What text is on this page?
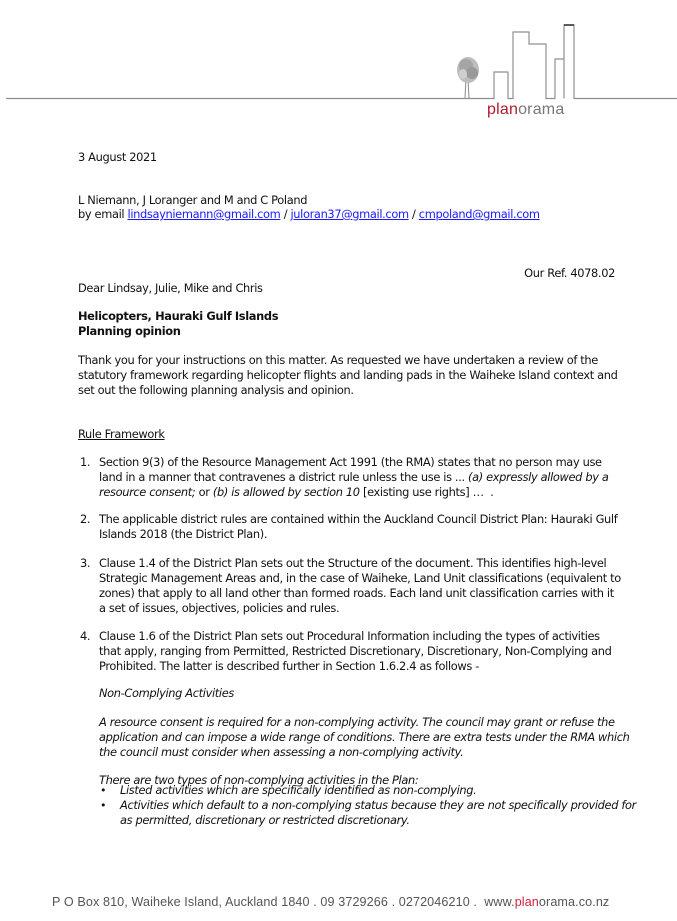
planorama
3 August 2021
L Niemann, J Loranger and M and C Poland
by email lindsayniemann@gmail.com / juloran37@gmail.com / cmpoland@gmail.com
Our Ref. 4078.02
Dear Lindsay, Julie, Mike and Chris
Helicopters, Hauraki Gulf Islands
Planning opinion
Thank you for your instructions on this matter. As requested we have undertaken a review of the
statutory framework regarding helicopter flights and landing pads in the Waiheke Island context and
set out the following planning analysis and opinion.
Rule Framework
1. Section 9(3) of the Resource Management Act 1991 (the RMA) states that no person may use
land in a manner that contravenes a district rule unless the use is ... (a) expressly allowed by a
resource consent; or (b) is allowed by section 10 [existing use rights] …  .
2. The applicable district rules are contained within the Auckland Council District Plan: Hauraki Gulf
Islands 2018 (the District Plan).
3. Clause 1.4 of the District Plan sets out the Structure of the document. This identifies high-level
Strategic Management Areas and, in the case of Waiheke, Land Unit classifications (equivalent to
zones) that apply to all land other than formed roads. Each land unit classification carries with it
a set of issues, objectives, policies and rules.
4. Clause 1.6 of the District Plan sets out Procedural Information including the types of activities
that apply, ranging from Permitted, Restricted Discretionary, Discretionary, Non-Complying and
Prohibited. The latter is described further in Section 1.6.2.4 as follows -
Non-Complying Activities
A resource consent is required for a non-complying activity. The council may grant or refuse the
application and can impose a wide range of conditions. There are extra tests under the RMA which
the council must consider when assessing a non-complying activity.
There are two types of non-complying activities in the Plan:
• Listed activities which are specifically identified as non-complying.
• Activities which default to a non-complying status because they are not specifically provided for
as permitted, discretionary or restricted discretionary.
P O Box 810, Waiheke Island, Auckland 1840 . 09 3729266 . 0272046210 .  www.planorama.co.nz
